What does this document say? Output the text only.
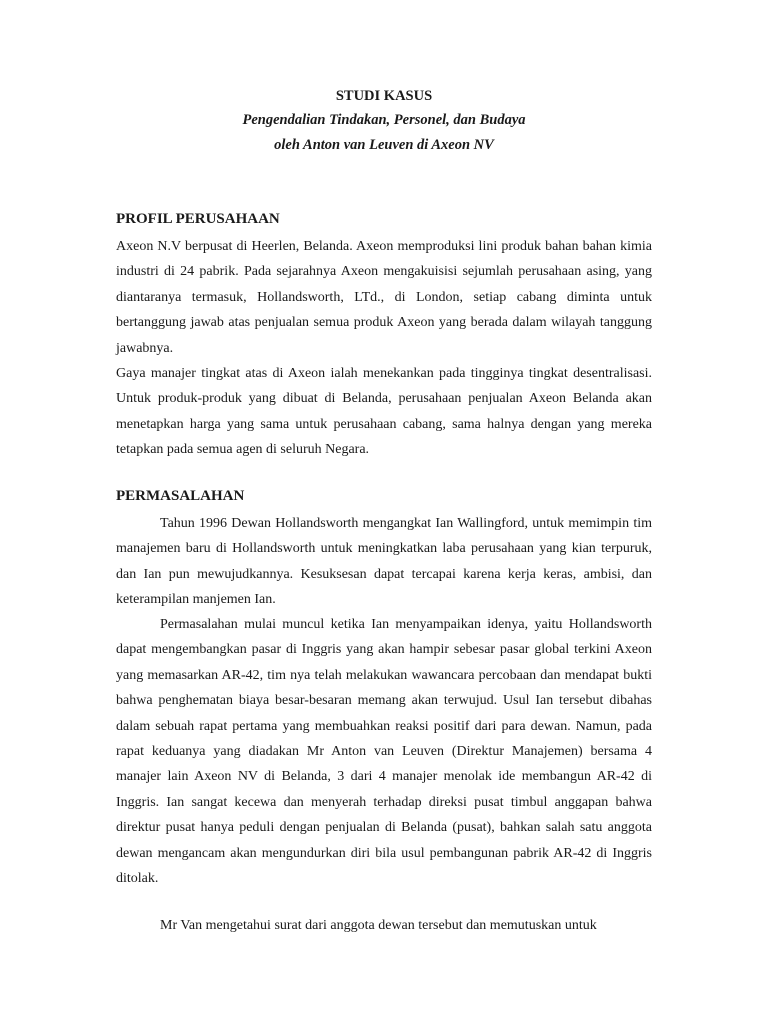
STUDI KASUS

Pengendalian Tindakan, Personel, dan Budaya

oleh Anton van Leuven di Axeon NV

PROFIL PERUSAHAAN

Axeon N.V berpusat di Heerlen, Belanda. Axeon memproduksi lini produk bahan bahan kimia industri di 24 pabrik. Pada sejarahnya Axeon mengakuisisi sejumlah perusahaan asing, yang diantaranya termasuk, Hollandsworth, LTd., di London, setiap cabang diminta untuk bertanggung jawab atas penjualan semua produk Axeon yang berada dalam wilayah tanggung jawabnya.

Gaya manajer tingkat atas di Axeon ialah menekankan pada tingginya tingkat desentralisasi. Untuk produk-produk yang dibuat di Belanda, perusahaan penjualan Axeon Belanda akan menetapkan harga yang sama untuk perusahaan cabang, sama halnya dengan yang mereka tetapkan pada semua agen di seluruh Negara.

PERMASALAHAN

Tahun 1996 Dewan Hollandsworth mengangkat Ian Wallingford, untuk memimpin tim manajemen baru di Hollandsworth untuk meningkatkan laba perusahaan yang kian terpuruk, dan Ian pun mewujudkannya. Kesuksesan dapat tercapai karena kerja keras, ambisi, dan keterampilan manjemen Ian.

Permasalahan mulai muncul ketika Ian menyampaikan idenya, yaitu Hollandsworth dapat mengembangkan pasar di Inggris yang akan hampir sebesar pasar global terkini Axeon yang memasarkan AR-42, tim nya telah melakukan wawancara percobaan dan mendapat bukti bahwa penghematan biaya besar-besaran memang akan terwujud. Usul Ian tersebut dibahas dalam sebuah rapat pertama yang membuahkan reaksi positif dari para dewan. Namun, pada rapat keduanya yang diadakan Mr Anton van Leuven (Direktur Manajemen) bersama 4 manajer lain Axeon NV di Belanda, 3 dari 4 manajer menolak ide membangun AR-42 di Inggris. Ian sangat kecewa dan menyerah terhadap direksi pusat timbul anggapan bahwa direktur pusat hanya peduli dengan penjualan di Belanda (pusat), bahkan salah satu anggota dewan mengancam akan mengundurkan diri bila usul pembangunan pabrik AR-42 di Inggris ditolak.

Mr Van mengetahui surat dari anggota dewan tersebut dan memutuskan untuk
